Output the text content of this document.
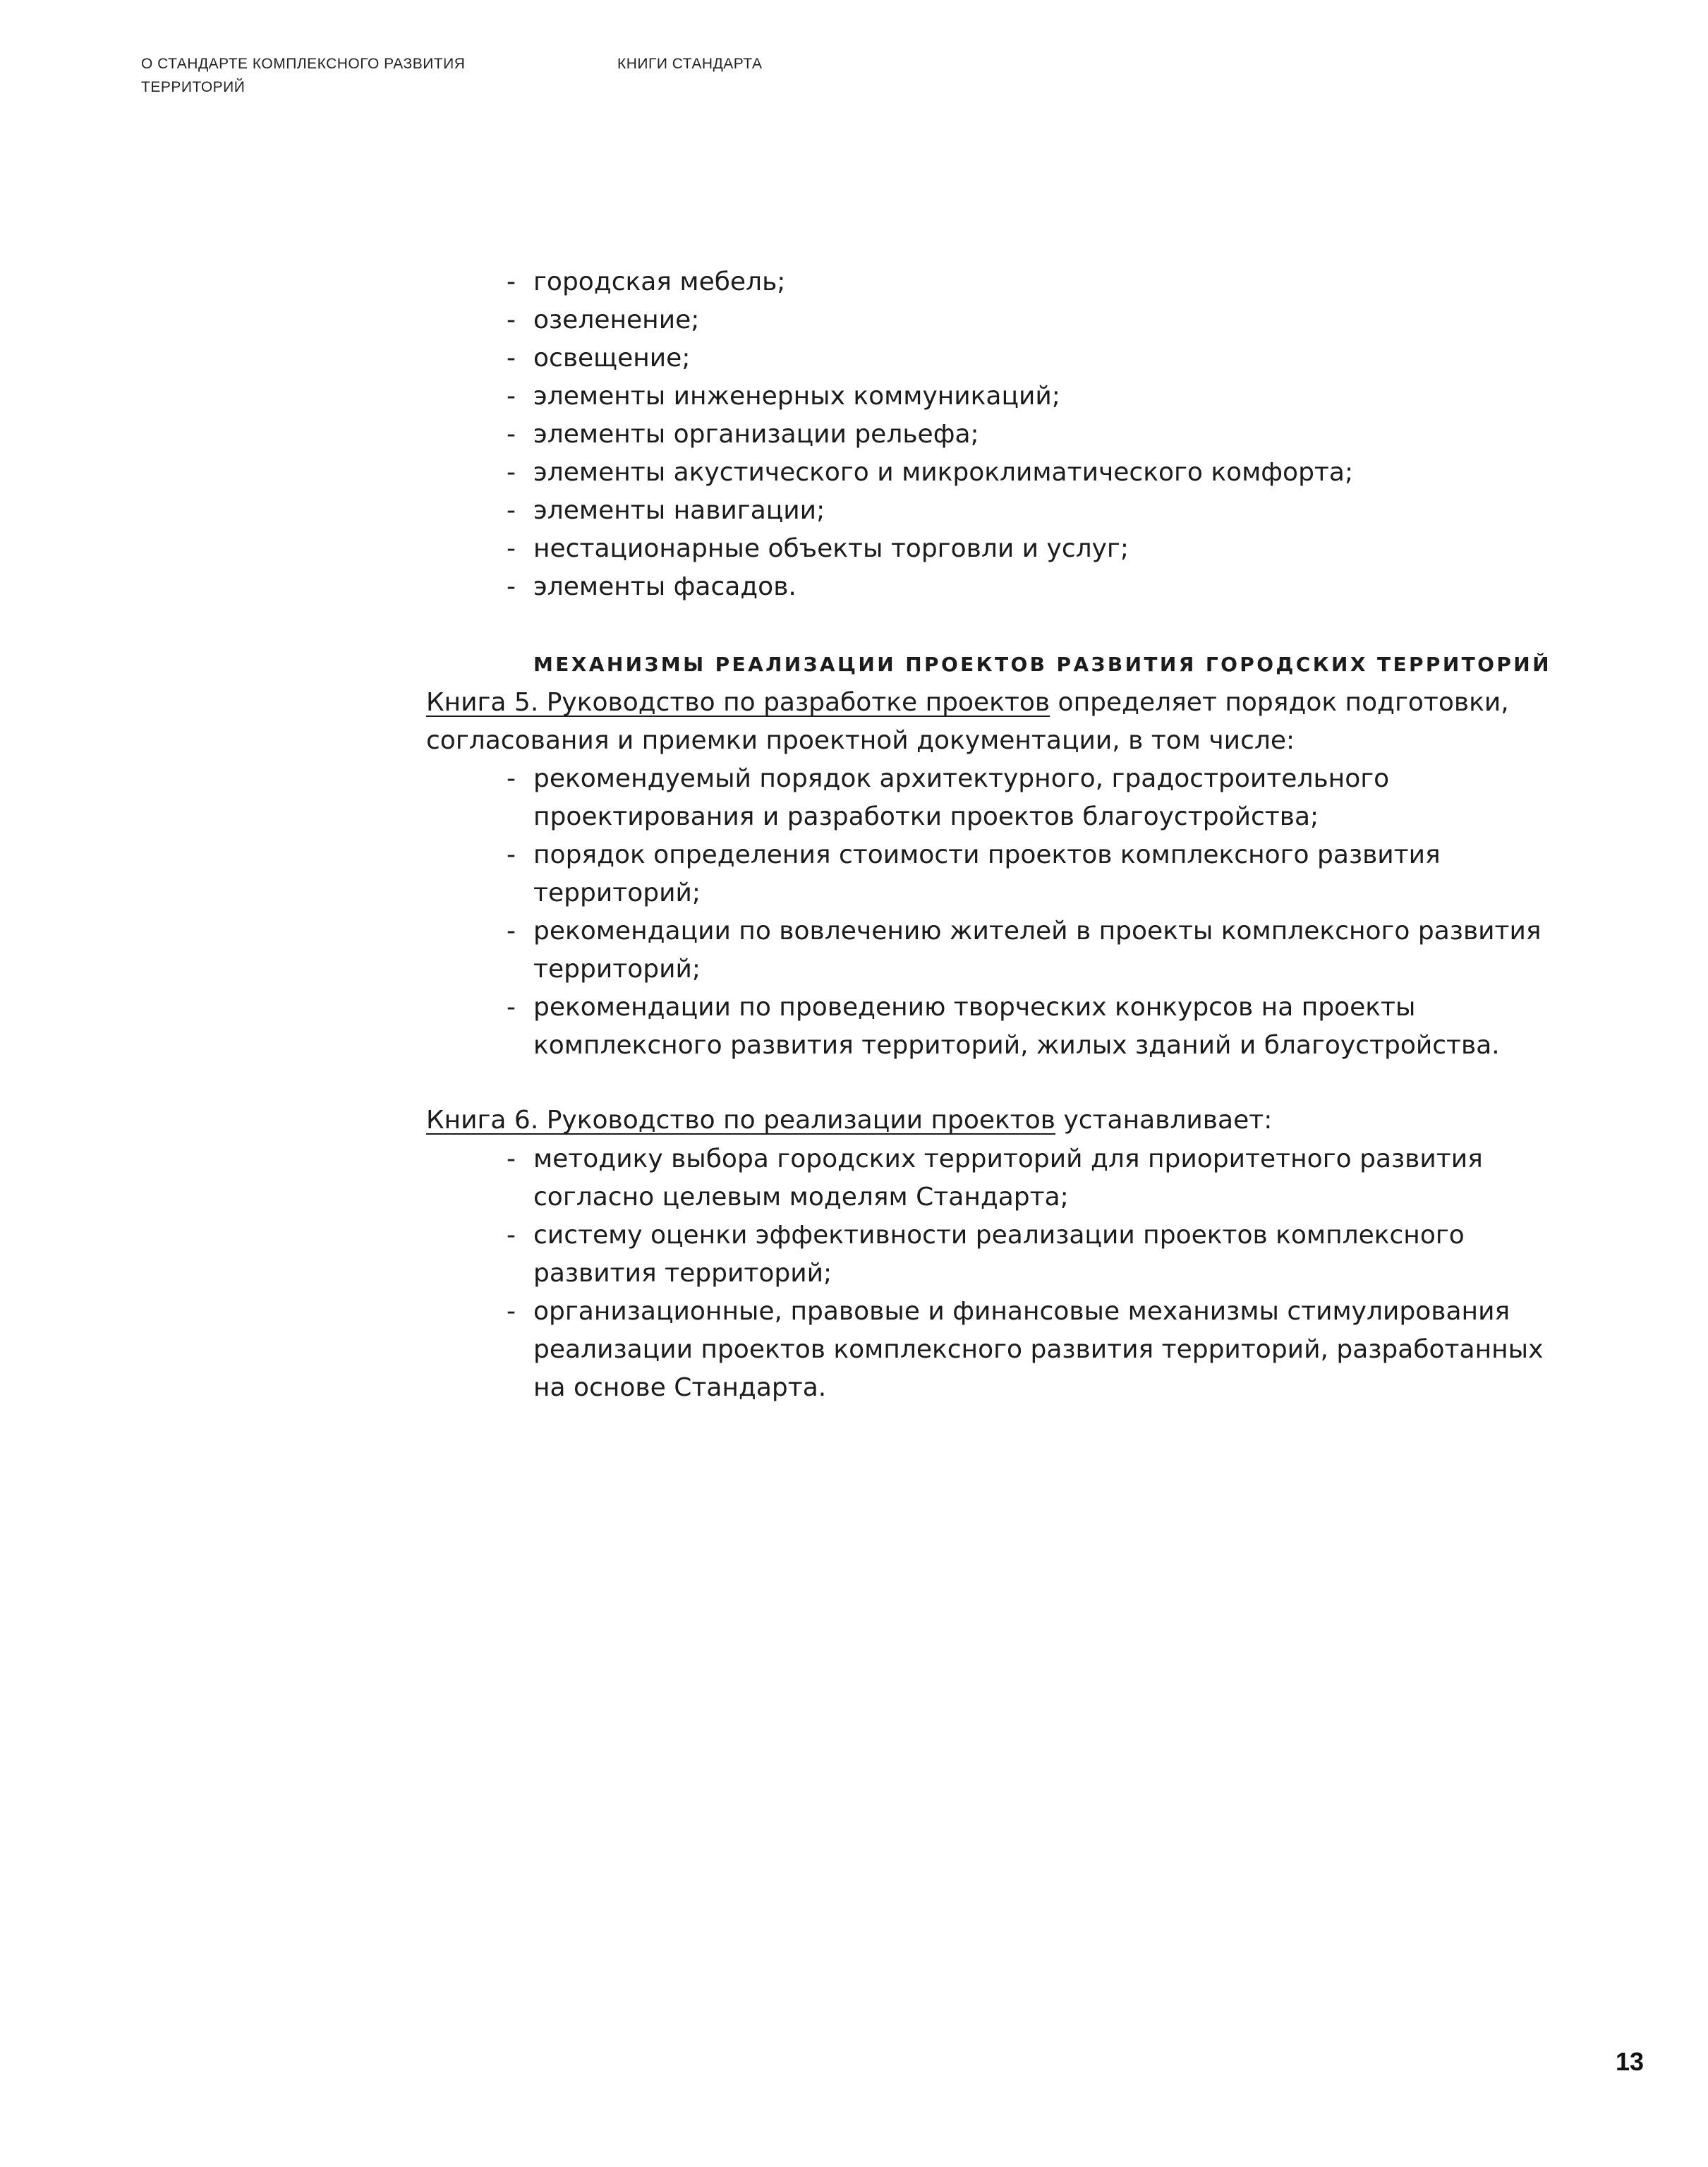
О СТАНДАРТЕ КОМПЛЕКСНОГО РАЗВИТИЯ ТЕРРИТОРИЙ
КНИГИ СТАНДАРТА
- городская мебель;
- озеленение;
- освещение;
- элементы инженерных коммуникаций;
- элементы организации рельефа;
- элементы акустического и микроклиматического комфорта;
- элементы навигации;
- нестационарные объекты торговли и услуг;
- элементы фасадов.
МЕХАНИЗМЫ РЕАЛИЗАЦИИ ПРОЕКТОВ РАЗВИТИЯ ГОРОДСКИХ ТЕРРИТОРИЙ

Книга 5. Руководство по разработке проектов определяет порядок подготовки, согласования и приемки проектной документации, в том числе:

- рекомендуемый порядок архитектурного, градостроительного проектирования и разработки проектов благоустройства;
- порядок определения стоимости проектов комплексного развития территорий;
- рекомендации по вовлечению жителей в проекты комплексного развития территорий;
- рекомендации по проведению творческих конкурсов на проекты комплексного развития территорий, жилых зданий и благоустройства.

Книга 6. Руководство по реализации проектов устанавливает:

- методику выбора городских территорий для приоритетного развития согласно целевым моделям Стандарта;
- систему оценки эффективности реализации проектов комплексного развития территорий;
- организационные, правовые и финансовые механизмы стимулирования реализации проектов комплексного развития территорий, разработанных на основе Стандарта.
13
